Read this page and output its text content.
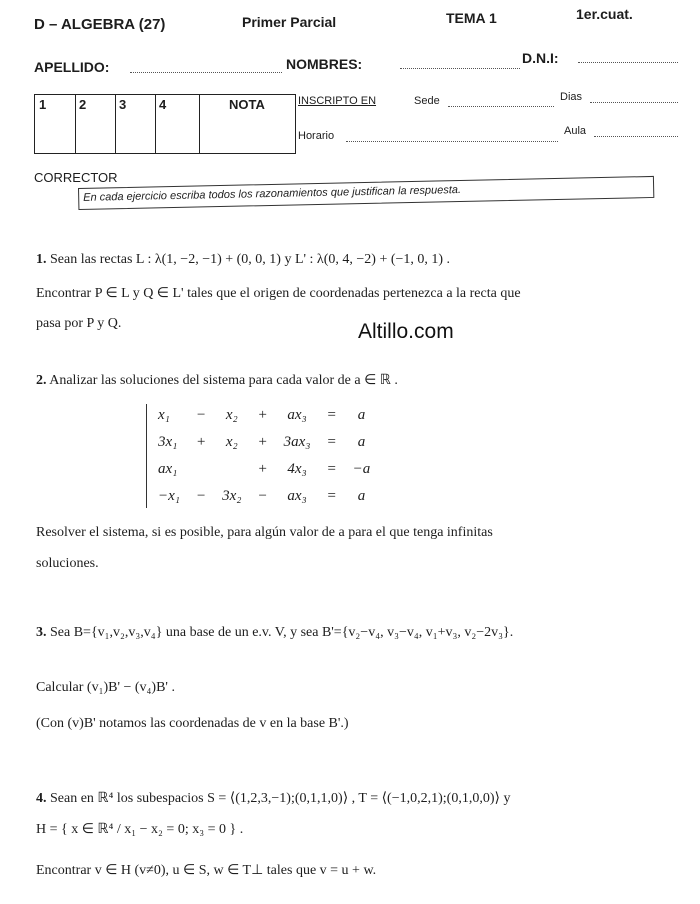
D – ALGEBRA (27)	Primer Parcial	TEMA 1	1er.cuat.
APELLIDO:	NOMBRES:	D.N.I:
1	2	3	4	NOTA	INSCRIPTO EN	Sede	Dias
Horario	Aula
CORRECTOR
En cada ejercicio escriba todos los razonamientos que justifican la respuesta.
1. Sean las rectas L : λ(1, −2, −1) + (0, 0, 1) y L' : λ(0, 4, −2) + (−1, 0, 1) .
Encontrar P ∈ L y Q ∈ L' tales que el origen de coordenadas pertenezca a la recta que
pasa por P y Q.	Altillo.com
2. Analizar las soluciones del sistema para cada valor de a ∈ ℝ .
x₁	−	x₂	+	ax₃	=	a
3x₁	+	x₂	+	3ax₃	=	a
ax₁			+	4x₃	=	−a
−x₁	−	3x₂	−	ax₃	=	a
Resolver el sistema, si es posible, para algún valor de a para el que tenga infinitas
soluciones.
3. Sea B={v₁,v₂,v₃,v₄} una base de un e.v. V, y sea B'={v₂−v₄, v₃−v₄, v₁+v₃, v₂−2v₃}.
Calcular (v₁)B' − (v₄)B' .
(Con (v)B' notamos las coordenadas de v en la base B'.)
4. Sean en ℝ⁴ los subespacios S = ⟨(1,2,3,−1);(0,1,1,0)⟩ , T = ⟨(−1,0,2,1);(0,1,0,0)⟩ y
H = { x ∈ ℝ⁴ / x₁ − x₂ = 0; x₃ = 0 } .
Encontrar v ∈ H (v≠0), u ∈ S, w ∈ T⊥ tales que v = u + w.
